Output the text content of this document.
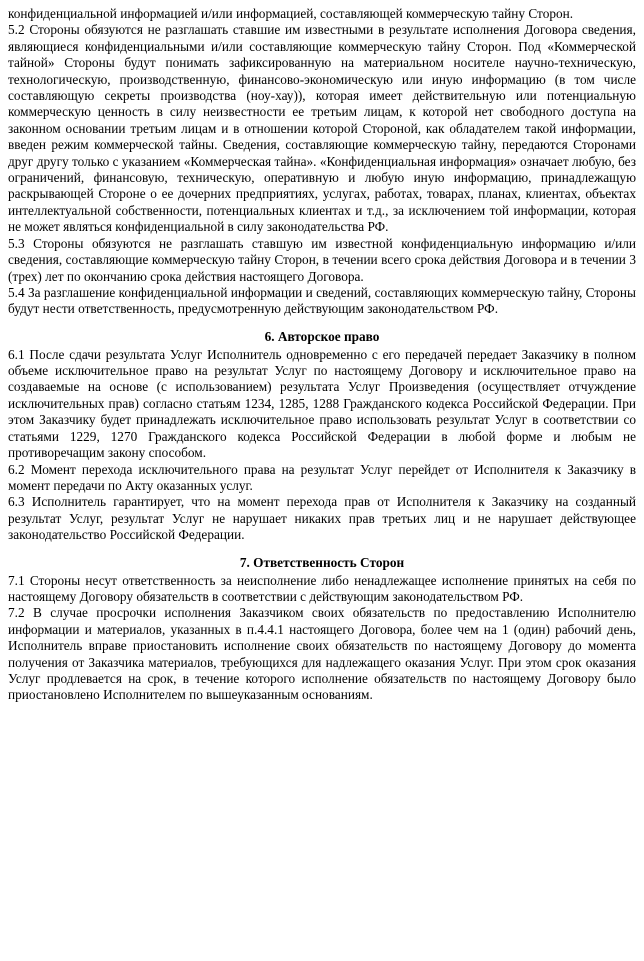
конфиденциальной информацией и/или информацией, составляющей коммерческую тайну Сторон.

5.2 Стороны обязуются не разглашать ставшие им известными в результате исполнения Договора сведения, являющиеся конфиденциальными и/или составляющие коммерческую тайну Сторон. Под «Коммерческой тайной» Стороны будут понимать зафиксированную на материальном носителе научно-техническую, технологическую, производственную, финансово-экономическую или иную информацию (в том числе составляющую секреты производства (ноу-хау)), которая имеет действительную или потенциальную коммерческую ценность в силу неизвестности ее третьим лицам, к которой нет свободного доступа на законном основании третьим лицам и в отношении которой Стороной, как обладателем такой информации, введен режим коммерческой тайны. Сведения, составляющие коммерческую тайну, передаются Сторонами друг другу только с указанием «Коммерческая тайна». «Конфиденциальная информация» означает любую, без ограничений, финансовую, техническую, оперативную и любую иную информацию, принадлежащую раскрывающей Стороне о ее дочерних предприятиях, услугах, работах, товарах, планах, клиентах, объектах интеллектуальной собственности, потенциальных клиентах и т.д., за исключением той информации, которая не может являться конфиденциальной в силу законодательства РФ.

5.3 Стороны обязуются не разглашать ставшую им известной конфиденциальную информацию и/или сведения, составляющие коммерческую тайну Сторон, в течении всего срока действия Договора и в течении 3 (трех) лет по окончанию срока действия настоящего Договора.

5.4 За разглашение конфиденциальной информации и сведений, составляющих коммерческую тайну, Стороны будут нести ответственность, предусмотренную действующим законодательством РФ.

6. Авторское право

6.1 После сдачи результата Услуг Исполнитель одновременно с его передачей передает Заказчику в полном объеме исключительное право на результат Услуг по настоящему Договору и исключительное право на создаваемые на основе (с использованием) результата Услуг Произведения (осуществляет отчуждение исключительных прав) согласно статьям 1234, 1285, 1288 Гражданского кодекса Российской Федерации. При этом Заказчику будет принадлежать исключительное право использовать результат Услуг в соответствии со статьями 1229, 1270 Гражданского кодекса Российской Федерации в любой форме и любым не противоречащим закону способом.

6.2 Момент перехода исключительного права на результат Услуг перейдет от Исполнителя к Заказчику в момент передачи по Акту оказанных услуг.

6.3 Исполнитель гарантирует, что на момент перехода прав от Исполнителя к Заказчику на созданный результат Услуг, результат Услуг не нарушает никаких прав третьих лиц и не нарушает действующее законодательство Российской Федерации.

7. Ответственность Сторон

7.1 Стороны несут ответственность за неисполнение либо ненадлежащее исполнение принятых на себя по настоящему Договору обязательств в соответствии с действующим законодательством РФ.

7.2 В случае просрочки исполнения Заказчиком своих обязательств по предоставлению Исполнителю информации и материалов, указанных в п.4.4.1 настоящего Договора, более чем на 1 (один) рабочий день, Исполнитель вправе приостановить исполнение своих обязательств по настоящему Договору до момента получения от Заказчика материалов, требующихся для надлежащего оказания Услуг. При этом срок оказания Услуг продлевается на срок, в течение которого исполнение обязательств по настоящему Договору было приостановлено Исполнителем по вышеуказанным основаниям.
